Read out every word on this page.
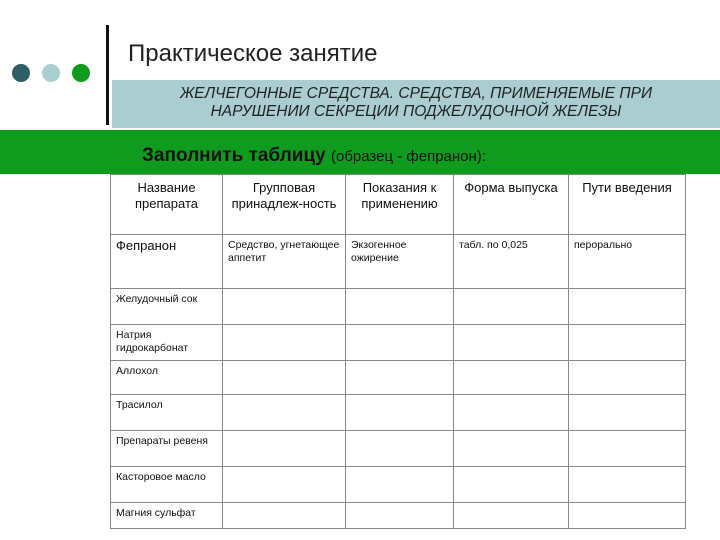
Практическое занятие
ЖЕЛЧЕГОННЫЕ СРЕДСТВА. СРЕДСТВА, ПРИМЕНЯЕМЫЕ ПРИ
НАРУШЕНИИ СЕКРЕЦИИ ПОДЖЕЛУДОЧНОЙ ЖЕЛЕЗЫ
Заполнить таблицу (образец - фепранон):
Название препарата	Групповая принадлеж-ность	Показания к применению	Форма выпуска	Пути введения
Фепранон	Средство, угнетающее аппетит	Экзогенное ожирение	табл. по 0,025	перорально
Желудочный сок				
Натрия гидрокарбонат				
Аллохол				
Трасилол				
Препараты ревеня				
Касторовое масло				
Магния сульфат				
